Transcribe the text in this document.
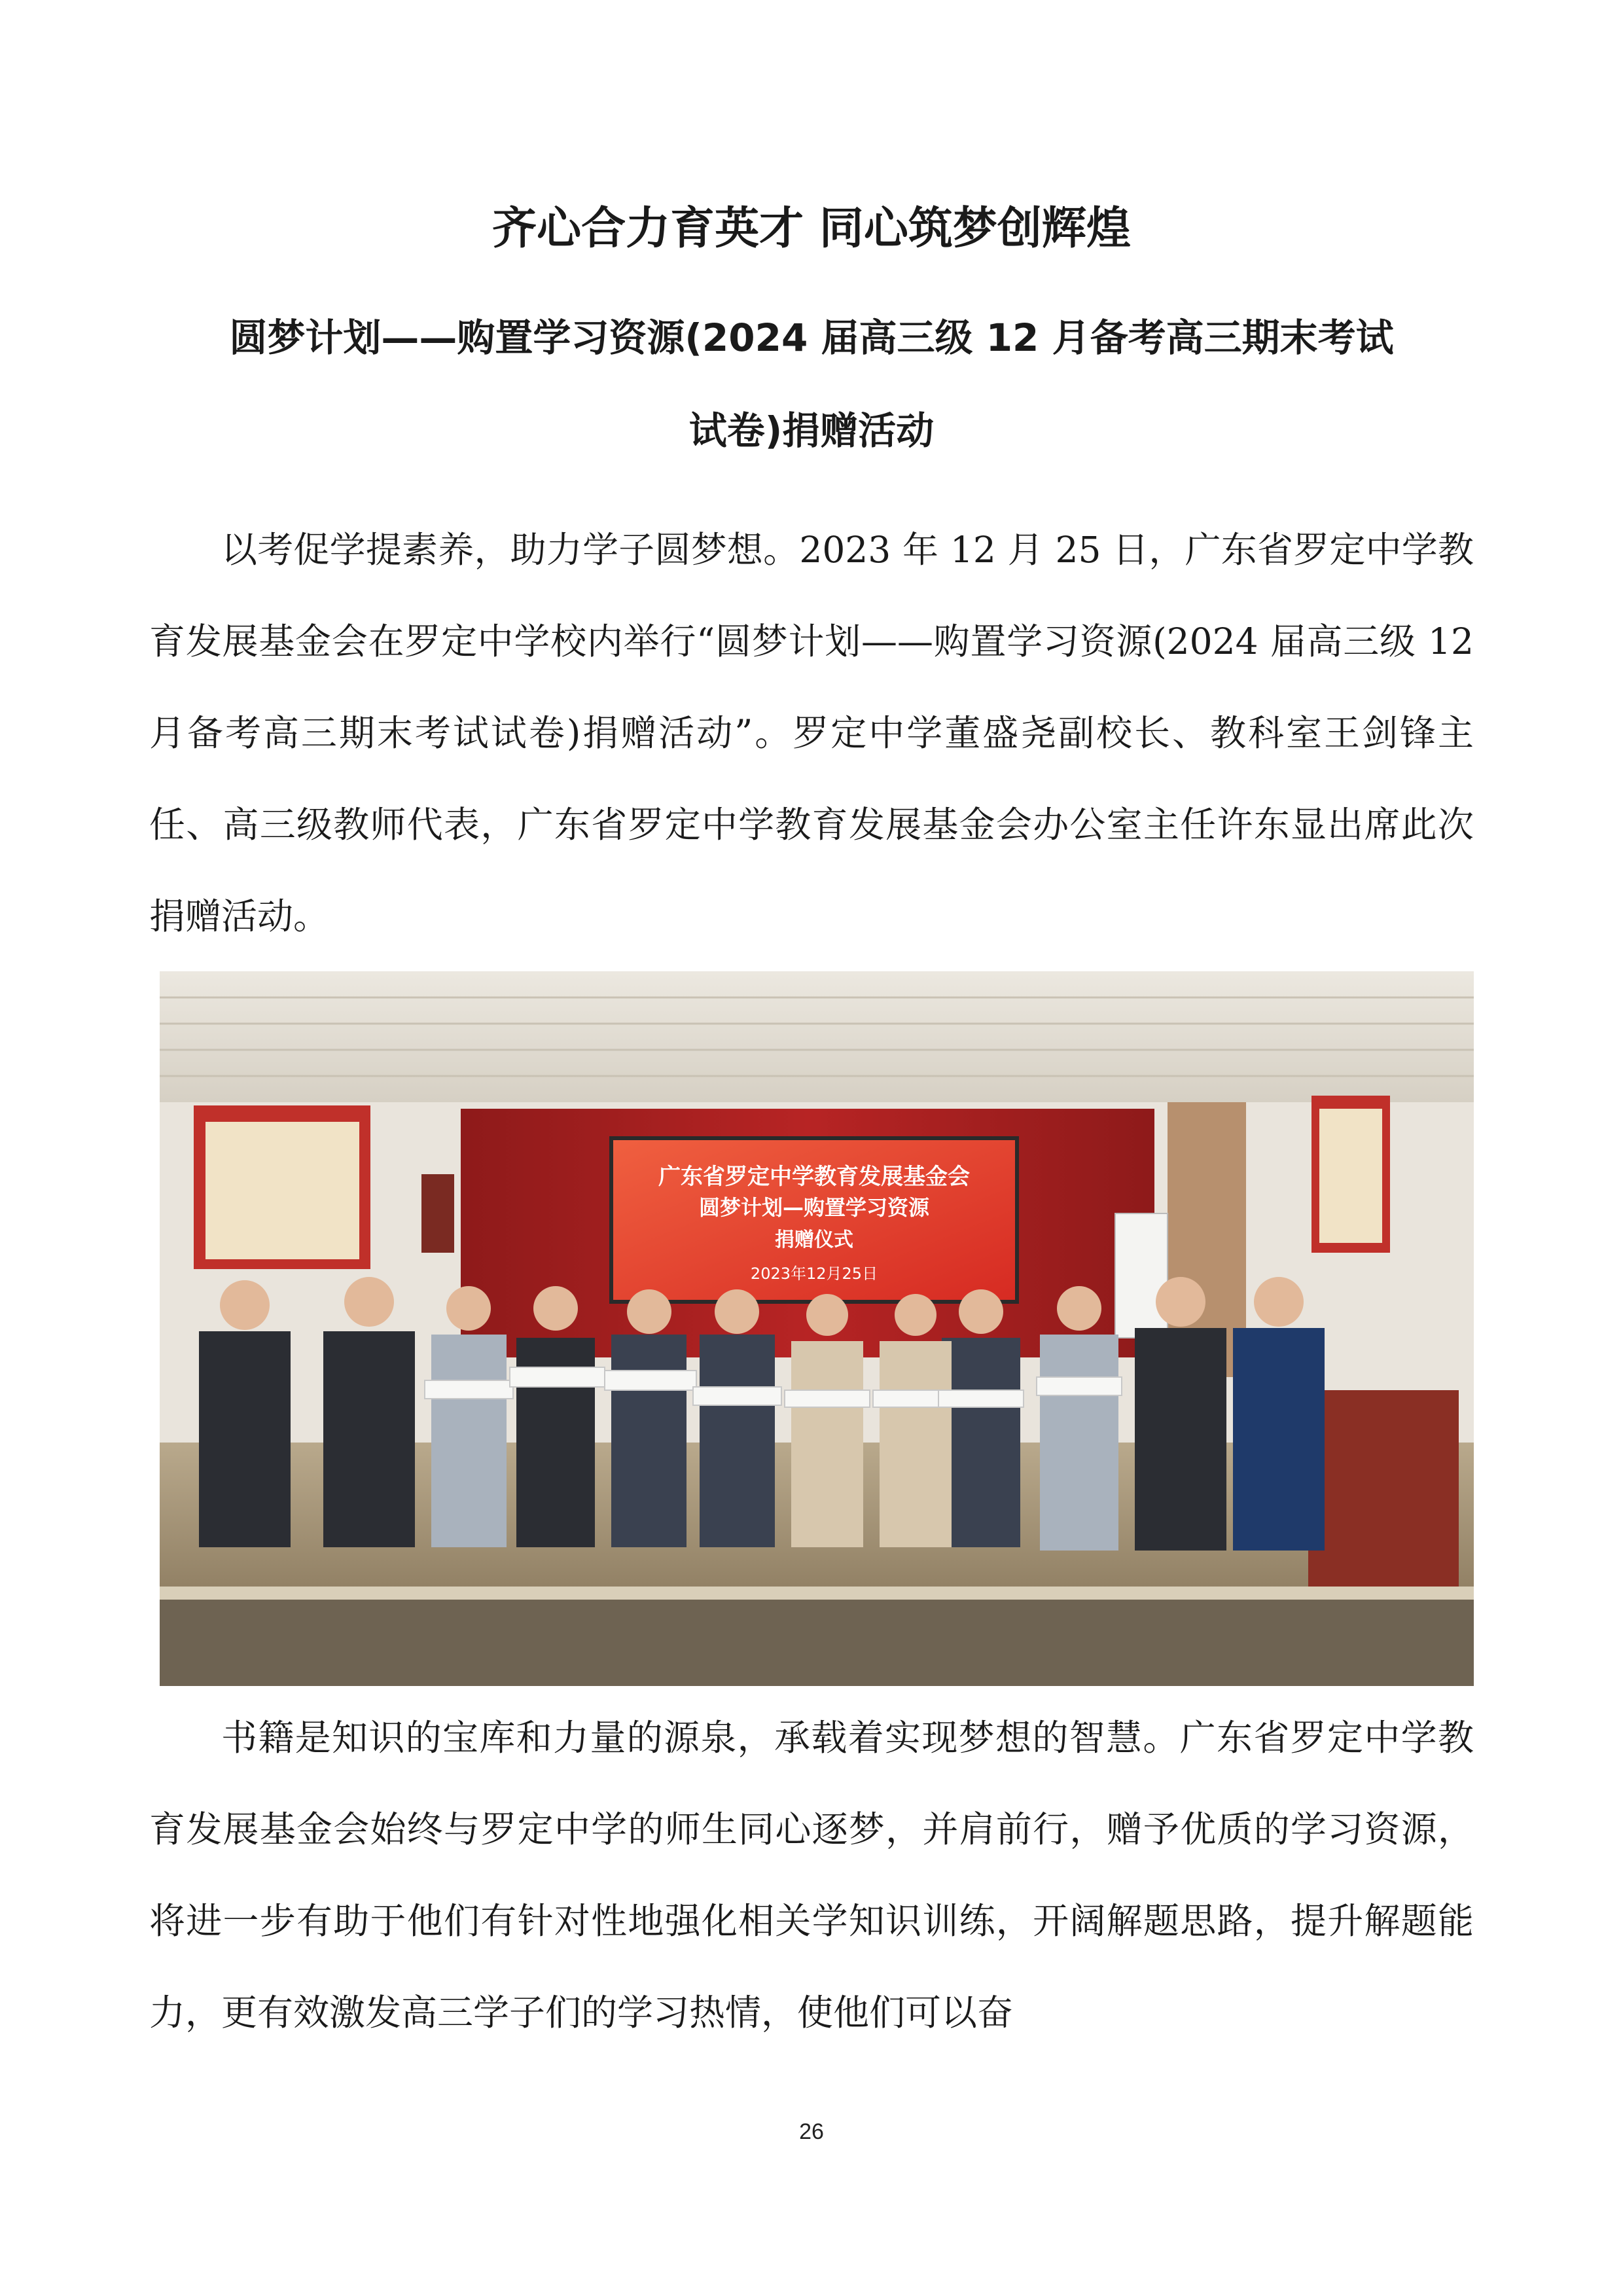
齐心合力育英才 同心筑梦创辉煌
圆梦计划——购置学习资源(2024 届高三级 12 月备考高三期末考试
试卷)捐赠活动

以考促学提素养，助力学子圆梦想。2023 年 12 月 25 日，广东省罗定中学教育发展基金会在罗定中学校内举行“圆梦计划——购置学习资源(2024 届高三级 12 月备考高三期末考试试卷)捐赠活动”。罗定中学董盛尧副校长、教科室王剑锋主任、高三级教师代表，广东省罗定中学教育发展基金会办公室主任许东显出席此次捐赠活动。

广东省罗定中学教育发展基金会
圆梦计划—购置学习资源
捐赠仪式
2023年12月25日

书籍是知识的宝库和力量的源泉，承载着实现梦想的智慧。广东省罗定中学教育发展基金会始终与罗定中学的师生同心逐梦，并肩前行，赠予优质的学习资源，将进一步有助于他们有针对性地强化相关学知识训练，开阔解题思路，提升解题能力，更有效激发高三学子们的学习热情，使他们可以奋

26
